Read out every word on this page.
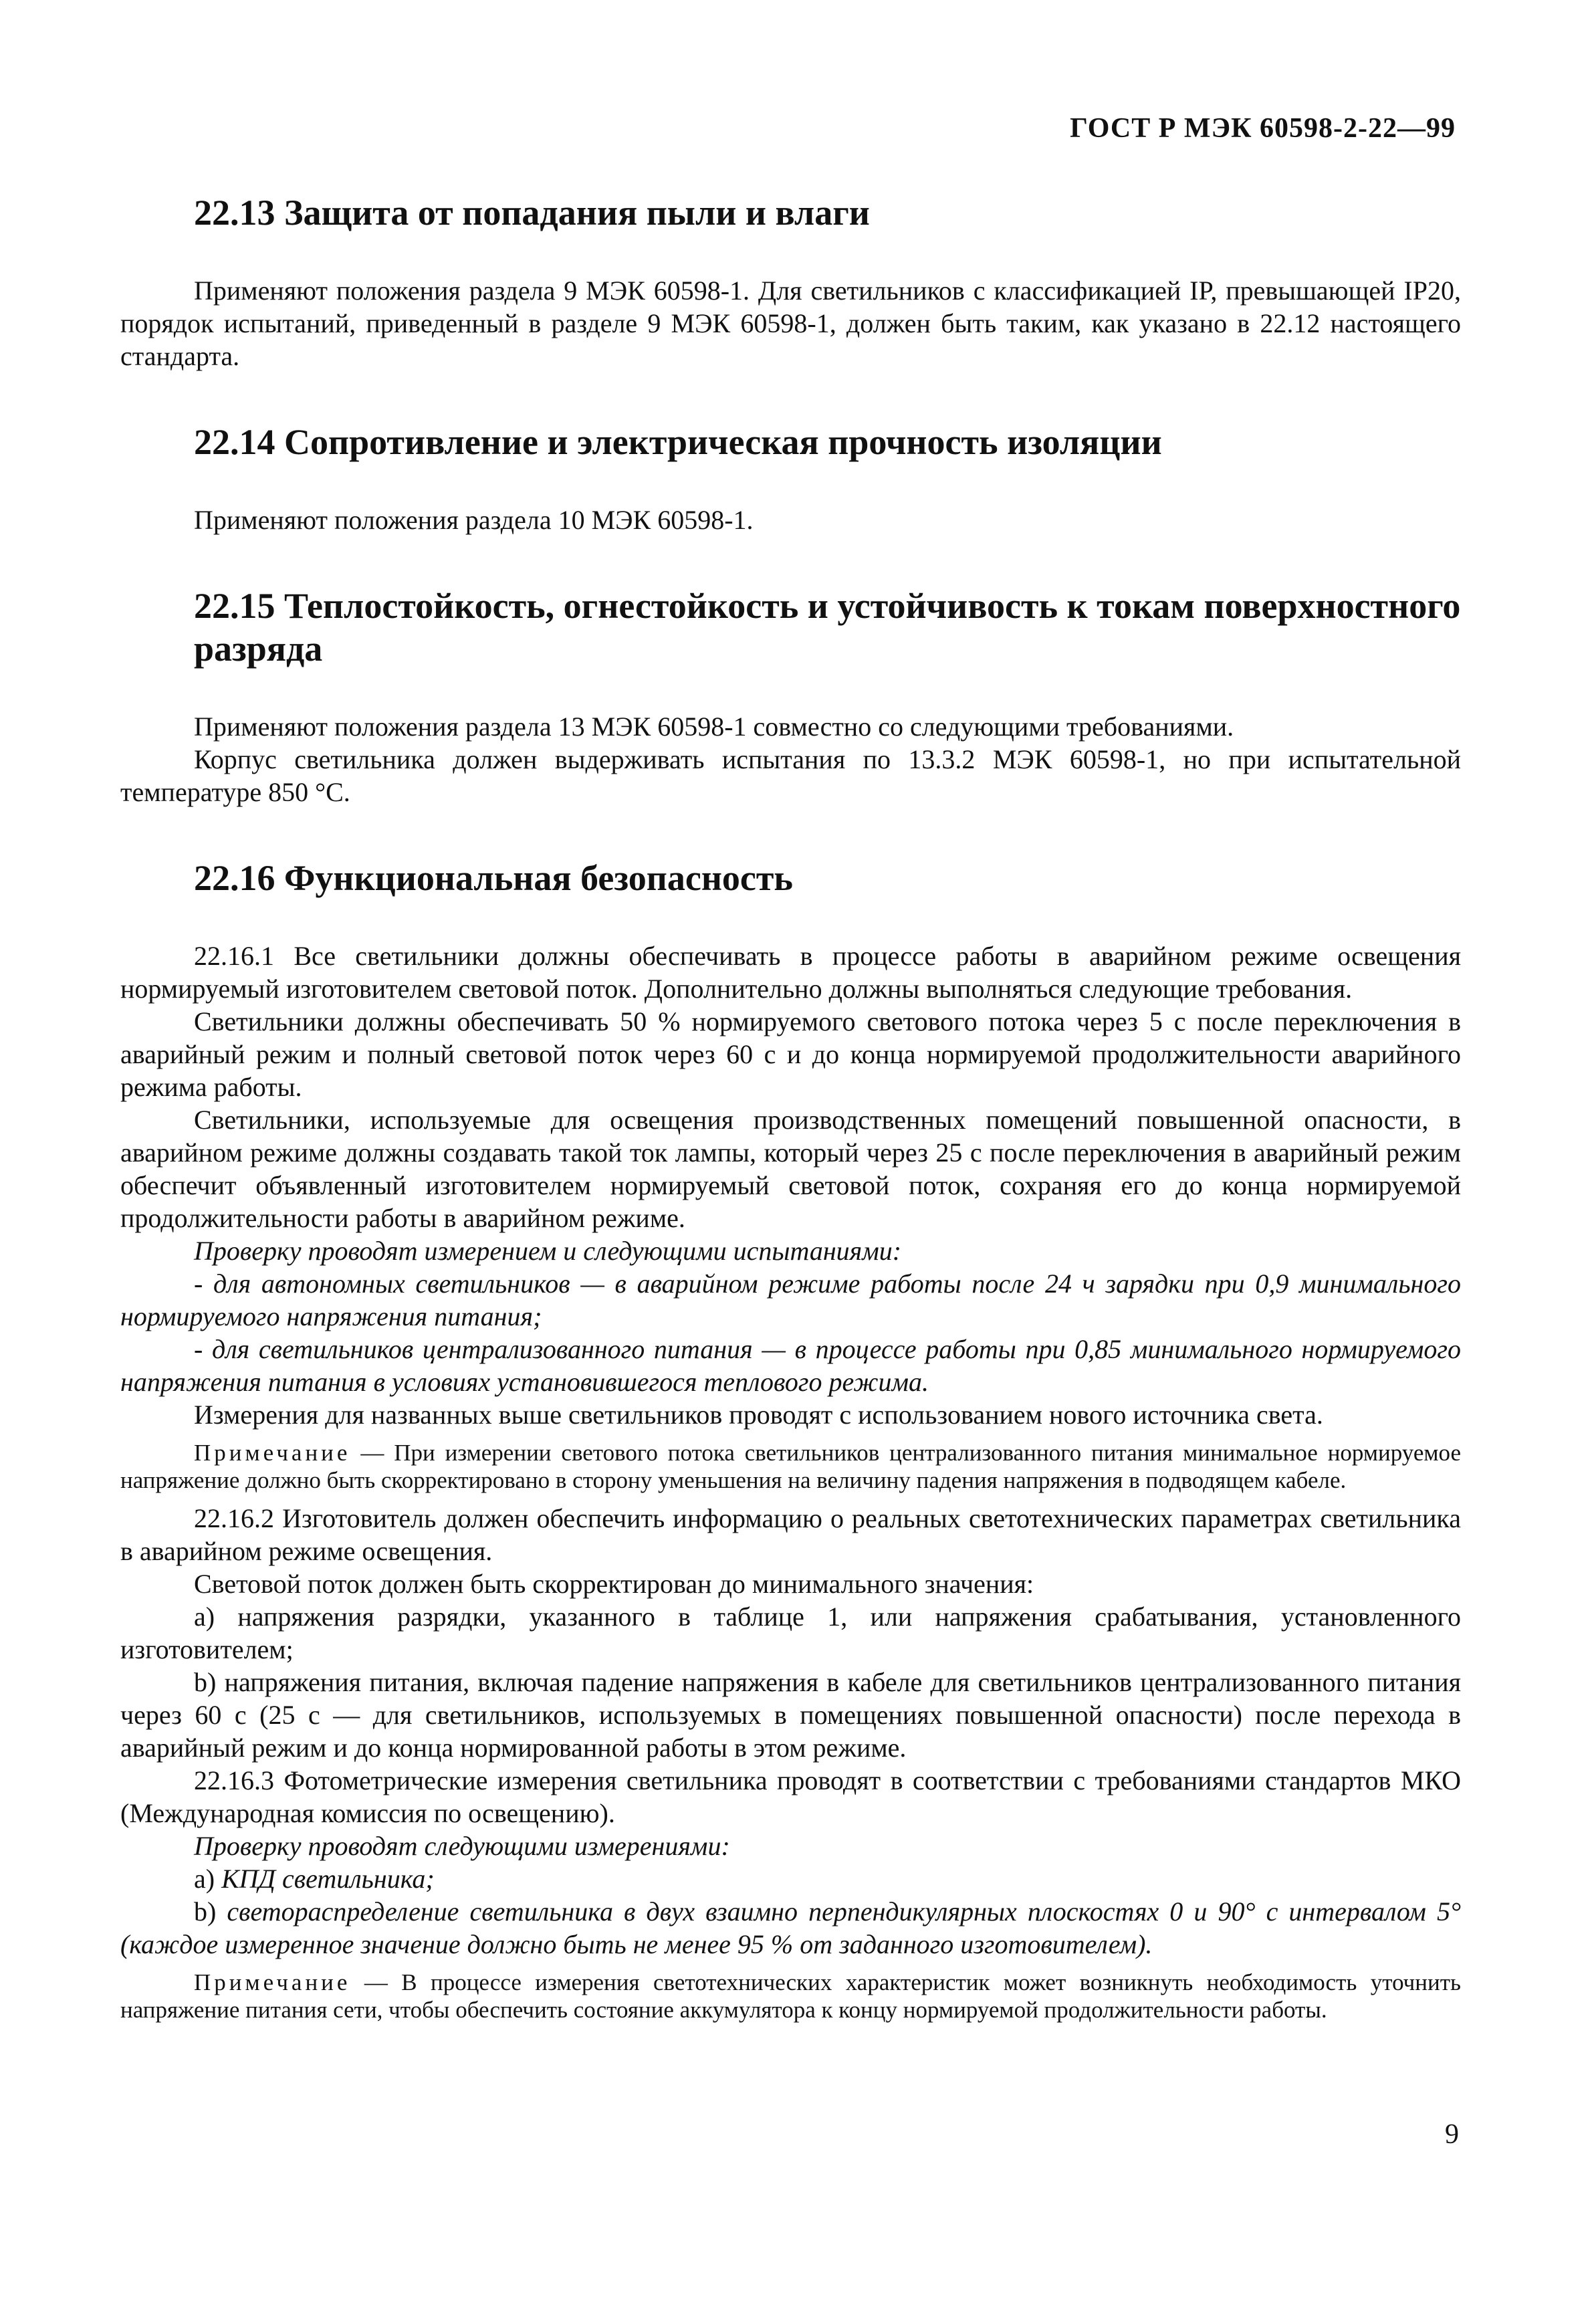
ГОСТ Р МЭК 60598-2-22—99
22.13 Защита от попадания пыли и влаги

Применяют положения раздела 9 МЭК 60598-1. Для светильников с классификацией IP, превышающей IP20, порядок испытаний, приведенный в разделе 9 МЭК 60598-1, должен быть таким, как указано в 22.12 настоящего стандарта.

22.14 Сопротивление и электрическая прочность изоляции

Применяют положения раздела 10 МЭК 60598-1.

22.15 Теплостойкость, огнестойкость и устойчивость к токам поверхностного
разряда

Применяют положения раздела 13 МЭК 60598-1 совместно со следующими требованиями.

Корпус светильника должен выдерживать испытания по 13.3.2 МЭК 60598-1, но при испытательной температуре 850 °С.

22.16 Функциональная безопасность

22.16.1 Все светильники должны обеспечивать в процессе работы в аварийном режиме освещения нормируемый изготовителем световой поток. Дополнительно должны выполняться следующие требования.

Светильники должны обеспечивать 50 % нормируемого светового потока через 5 с после переключения в аварийный режим и полный световой поток через 60 с и до конца нормируемой продолжительности аварийного режима работы.

Светильники, используемые для освещения производственных помещений повышенной опасности, в аварийном режиме должны создавать такой ток лампы, который через 25 с после переключения в аварийный режим обеспечит объявленный изготовителем нормируемый световой поток, сохраняя его до конца нормируемой продолжительности работы в аварийном режиме.

Проверку проводят измерением и следующими испытаниями:

- для автономных светильников — в аварийном режиме работы после 24 ч зарядки при 0,9 минимального нормируемого напряжения питания;

- для светильников централизованного питания — в процессе работы при 0,85 минимального нормируемого напряжения питания в условиях установившегося теплового режима.

Измерения для названных выше светильников проводят с использованием нового источника света.

Примечание — При измерении светового потока светильников централизованного питания минимальное нормируемое напряжение должно быть скорректировано в сторону уменьшения на величину падения напряжения в подводящем кабеле.

22.16.2 Изготовитель должен обеспечить информацию о реальных светотехнических параметрах светильника в аварийном режиме освещения.

Световой поток должен быть скорректирован до минимального значения:

a) напряжения разрядки, указанного в таблице 1, или напряжения срабатывания, установленного изготовителем;

b) напряжения питания, включая падение напряжения в кабеле для светильников централизованного питания через 60 с (25 с — для светильников, используемых в помещениях повышенной опасности) после перехода в аварийный режим и до конца нормированной работы в этом режиме.

22.16.3 Фотометрические измерения светильника проводят в соответствии с требованиями стандартов МКО (Международная комиссия по освещению).

Проверку проводят следующими измерениями:

a) КПД светильника;

b) светораспределение светильника в двух взаимно перпендикулярных плоскостях 0 и 90° с интервалом 5° (каждое измеренное значение должно быть не менее 95 % от заданного изготовителем).

Примечание — В процессе измерения светотехнических характеристик может возникнуть необходимость уточнить напряжение питания сети, чтобы обеспечить состояние аккумулятора к концу нормируемой продолжительности работы.

9
